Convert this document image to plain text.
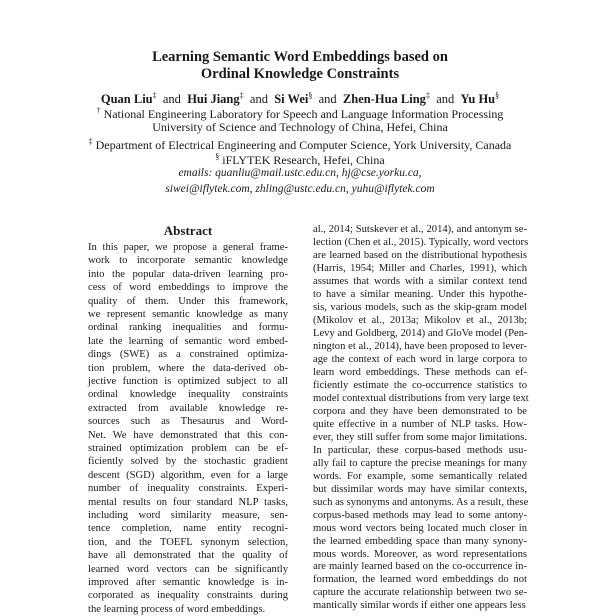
Learning Semantic Word Embeddings based on
Ordinal Knowledge Constraints
Quan Liu‡ and Hui Jiang‡ and Si Wei§ and Zhen-Hua Ling‡ and Yu Hu§
† National Engineering Laboratory for Speech and Language Information Processing
University of Science and Technology of China, Hefei, China
‡ Department of Electrical Engineering and Computer Science, York University, Canada
§ iFLYTEK Research, Hefei, China
emails: quanliu@mail.ustc.edu.cn, hj@cse.yorku.ca,
siwei@iflytek.com, zhling@ustc.edu.cn, yuhu@iflytek.com
Abstract
In this paper, we propose a general frame-
work to incorporate semantic knowledge
into the popular data-driven learning pro-
cess of word embeddings to improve the
quality of them. Under this framework,
we represent semantic knowledge as many
ordinal ranking inequalities and formu-
late the learning of semantic word embed-
dings (SWE) as a constrained optimiza-
tion problem, where the data-derived ob-
jective function is optimized subject to all
ordinal knowledge inequality constraints
extracted from available knowledge re-
sources such as Thesaurus and Word-
Net. We have demonstrated that this con-
strained optimization problem can be ef-
ficiently solved by the stochastic gradient
descent (SGD) algorithm, even for a large
number of inequality constraints. Experi-
mental results on four standard NLP tasks,
including word similarity measure, sen-
tence completion, name entity recogni-
tion, and the TOEFL synonym selection,
have all demonstrated that the quality of
learned word vectors can be significantly
improved after semantic knowledge is in-
corporated as inequality constraints during
the learning process of word embeddings.
al., 2014; Sutskever et al., 2014), and antonym se-
lection (Chen et al., 2015). Typically, word vectors
are learned based on the distributional hypothesis
(Harris, 1954; Miller and Charles, 1991), which
assumes that words with a similar context tend
to have a similar meaning. Under this hypothe-
sis, various models, such as the skip-gram model
(Mikolov et al., 2013a; Mikolov et al., 2013b;
Levy and Goldberg, 2014) and GloVe model (Pen-
nington et al., 2014), have been proposed to lever-
age the context of each word in large corpora to
learn word embeddings. These methods can ef-
ficiently estimate the co-occurrence statistics to
model contextual distributions from very large text
corpora and they have been demonstrated to be
quite effective in a number of NLP tasks. How-
ever, they still suffer from some major limitations.
In particular, these corpus-based methods usu-
ally fail to capture the precise meanings for many
words. For example, some semantically related
but dissimilar words may have similar contexts,
such as synonyms and antonyms. As a result, these
corpus-based methods may lead to some antony-
mous word vectors being located much closer in
the learned embedding space than many synony-
mous words. Moreover, as word representations
are mainly learned based on the co-occurrence in-
formation, the learned word embeddings do not
capture the accurate relationship between two se-
mantically similar words if either one appears less
